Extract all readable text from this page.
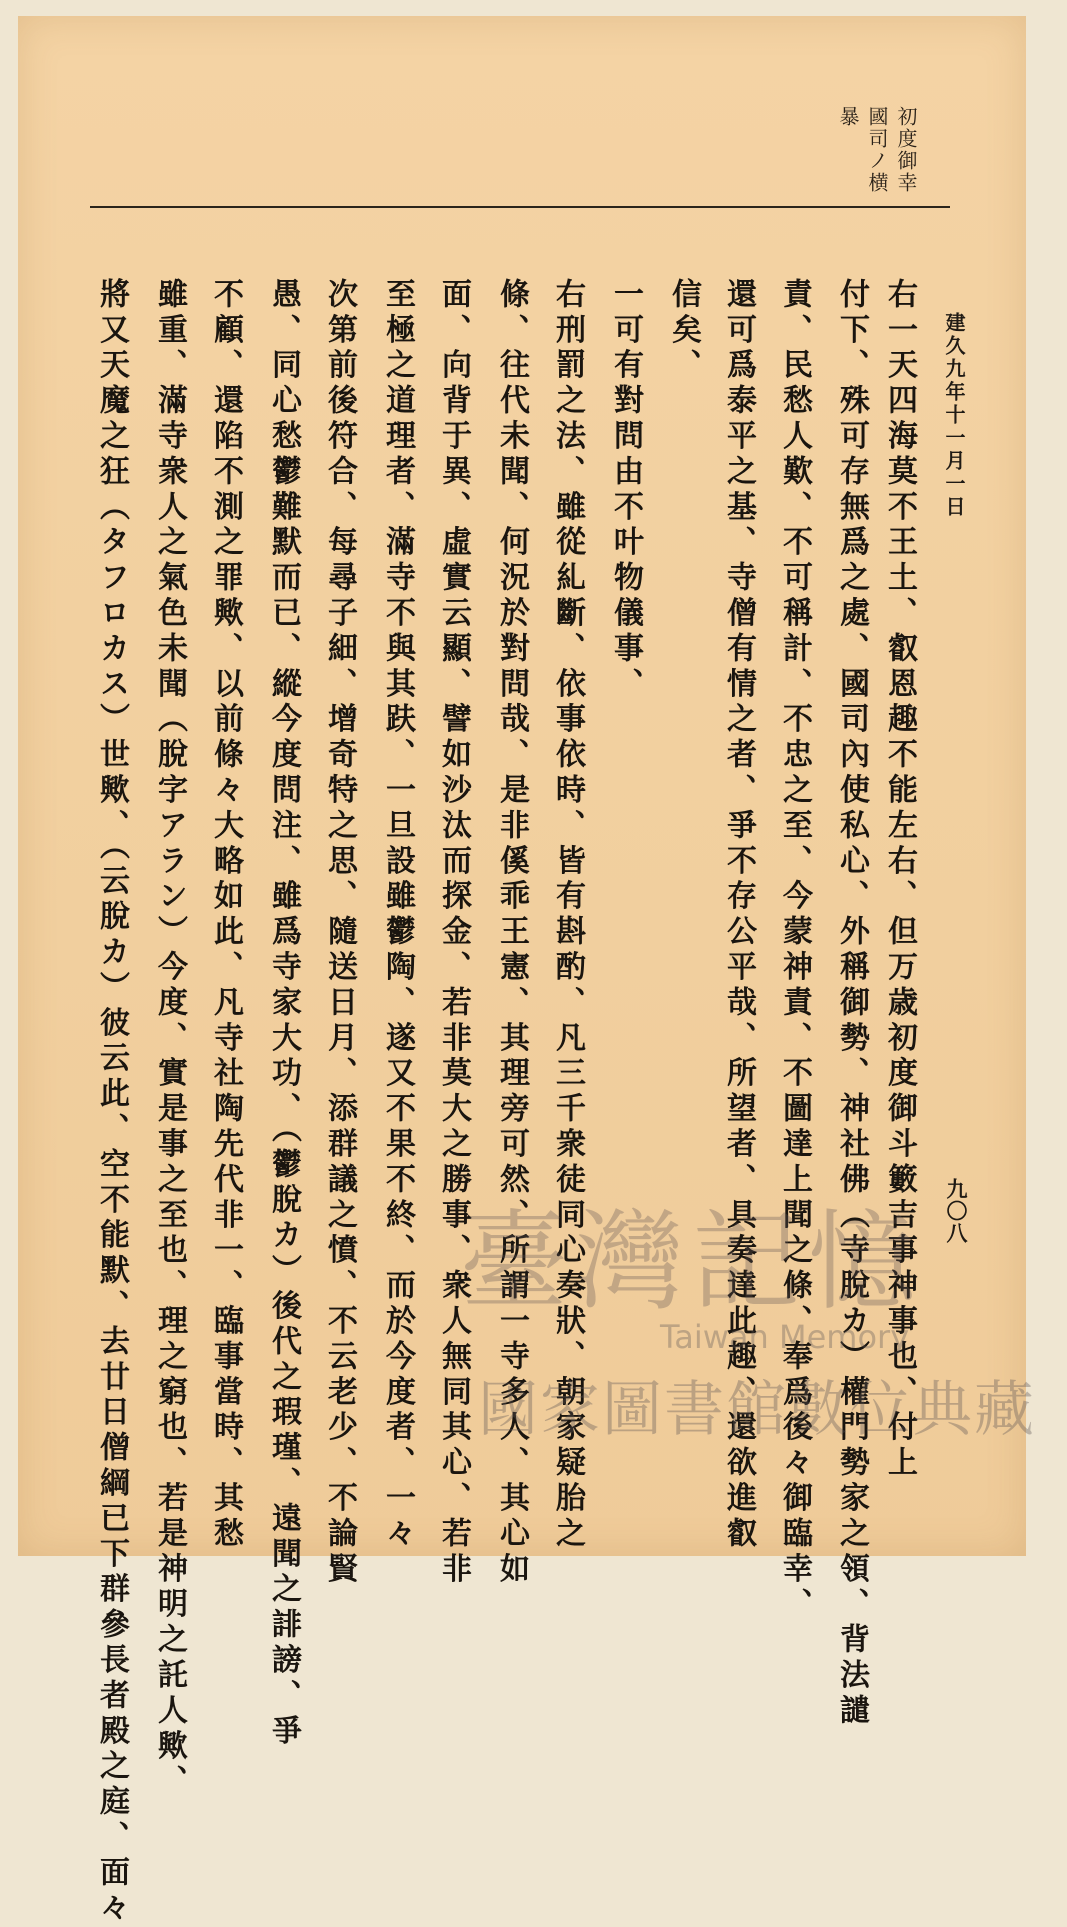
初度御幸
國司ノ横
暴
建久九年十一月一日
九〇八
右一天四海莫不王土、叡恩趣不能左右、但万歳初度御斗籔吉事神事也、付上
付下、殊可存無爲之處、國司內使私心、外稱御勢、神社佛（寺脫カ）權門勢家之領、背法譴
責、民愁人歎、不可稱計、不忠之至、今蒙神責、不圖達上聞之條、奉爲後々御臨幸、
還可爲泰平之基、寺僧有情之者、爭不存公平哉、所望者、具奏達此趣、還欲進叡
信矣、
一可有對問由不叶物儀事、
右刑罰之法、雖從糺斷、依事依時、皆有斟酌、凡三千衆徒同心奏狀、朝家疑胎之
條、往代未聞、何況於對問哉、是非傒乖王憲、其理旁可然、所謂一寺多人、其心如
面、向背于異、虛實云顯、譬如沙汰而探金、若非莫大之勝事、衆人無同其心、若非
至極之道理者、滿寺不與其趺、一旦設雖鬱陶、遂又不果不終、而於今度者、一々
次第前後符合、每尋子細、增奇特之思、隨送日月、添群議之憤、不云老少、不論賢
愚、同心愁鬱難默而已、縱今度問注、雖爲寺家大功、（鬱脫カ）後代之瑕瑾、遠聞之誹謗、爭
不顧、還陷不測之罪歟、以前條々大略如此、凡寺社陶先代非一、臨事當時、其愁
雖重、滿寺衆人之氣色未聞（脫字アラン）今度、實是事之至也、理之窮也、若是神明之託人歟、
將又天魔之狂（タフロカス）世歟、（云脫カ）彼云此、空不能默、去廿日僧綱已下群參長者殿之庭、面々	臺灣記憶
Taiwan Memory
國家圖書館數位典藏
